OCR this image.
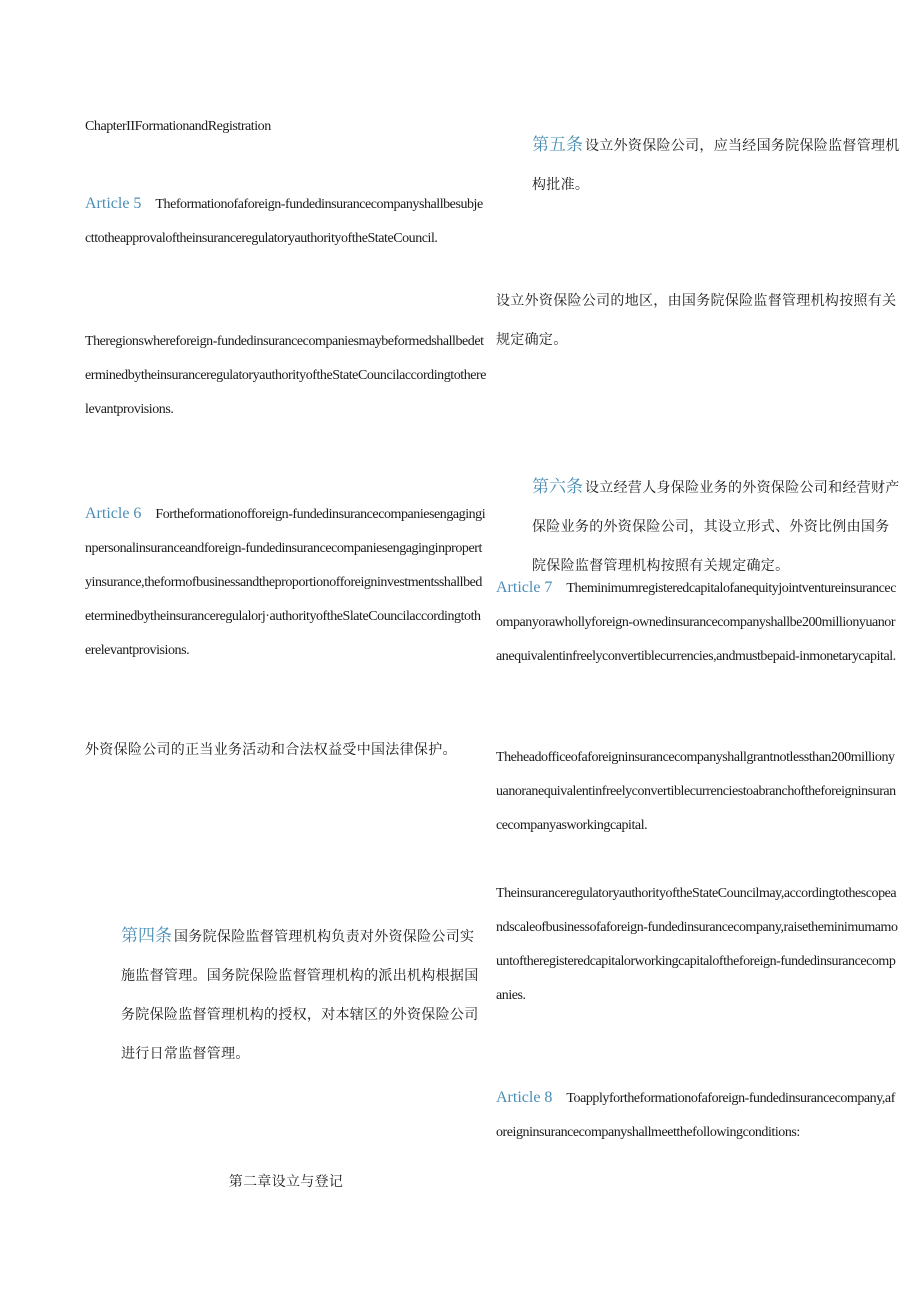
ChapterIIFormationandRegistration
Article 5 Theformationofaforeign-fundedinsurancecompanyshallbesubjecttotheapprovaloftheinsuranceregulatoryauthorityoftheStateCouncil.
Theregionswhereforeign-fundedinsurancecompaniesmaybeformedshallbedeterminedbytheinsuranceregulatoryauthorityoftheStateCouncilaccordingtotherelevantprovisions.
Article 6 Fortheformationofforeign-fundedinsurancecompaniesengaginginpersonalinsuranceandforeign-fundedinsurancecompaniesengaginginpropertyinsurance,theformofbusinessandtheproportionofforeigninvestmentsshallbedeterminedbytheinsuranceregulalorj·authorityoftheSlateCouncilaccordingtotherelevantprovisions.
外资保险公司的正当业务活动和合法权益受中国法律保护。

第四条 国务院保险监督管理机构负责对外资保险公司实施监督管理。国务院保险监督管理机构的派出机构根据国务院保险监督管理机构的授权，对本辖区的外资保险公司进行日常监督管理。

第二章设立与登记

第五条 设立外资保险公司，应当经国务院保险监督管理机构批准。

设立外资保险公司的地区，由国务院保险监督管理机构按照有关规定确定。

第六条 设立经营人身保险业务的外资保险公司和经营财产保险业务的外资保险公司，其设立形式、外资比例由国务院保险监督管理机构按照有关规定确定。

Article 7 Theminimumregisteredcapitalofanequityjointventureinsurancecompanyorawhollyforeign-ownedinsurancecompanyshallbe200millionyuanoranequivalentinfreelyconvertiblecurrencies,andmustbepaid-inmonetarycapital.
Theheadofficeofaforeigninsurancecompanyshallgrantnotlessthan200millionyuanoranequivalentinfreelyconvertiblecurrenciestoabranchoftheforeigninsurancecompanyasworkingcapital.
TheinsuranceregulatoryauthorityoftheStateCouncilmay,accordingtothescopeandscaleofbusinessofaforeign-fundedinsurancecompany,raisetheminimumamountoftheregisteredcapitalorworkingcapitaloftheforeign-fundedinsurancecompanies.
Article 8 Toapplyfortheformationofaforeign-fundedinsurancecompany,aforeigninsurancecompanyshallmeetthefollowingconditions:
